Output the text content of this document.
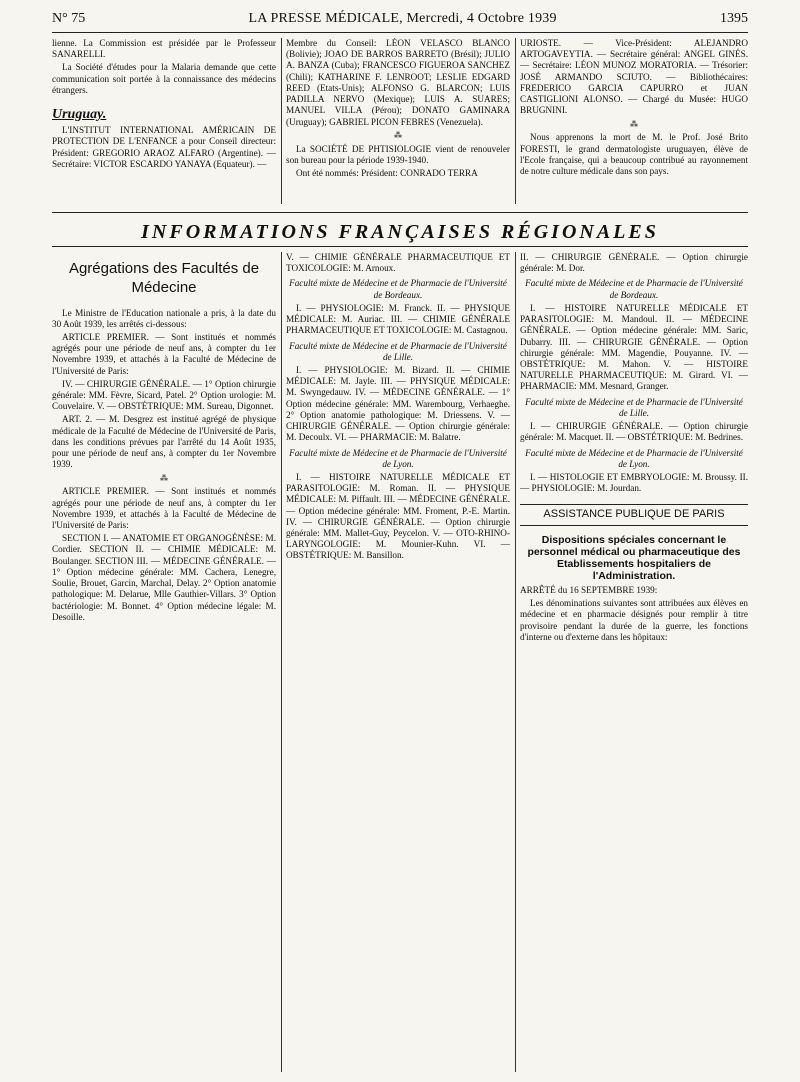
N° 75	LA PRESSE MÉDICALE, Mercredi, 4 Octobre 1939	1395

lienne. La Commission est présidée par le Professeur SANARELLI.

La Société d'études pour la Malaria demande que cette communication soit portée à la connaissance des médecins étrangers.

Uruguay.

L'INSTITUT INTERNATIONAL AMÉRICAIN DE PROTECTION DE L'ENFANCE a pour Conseil directeur: Président: GREGORIO ARAOZ ALFARO (Argentine). — Secrétaire: VICTOR ESCARDO YANAYA (Equateur). —

Membre du Conseil: LÉON VELASCO BLANCO (Bolivie); JOAO DE BARROS BARRETO (Brésil); JULIO A. BANZA (Cuba); FRANCESCO FIGUEROA SANCHEZ (Chili); KATHARINE F. LENROOT; LESLIE EDGARD REED (Etats-Unis); ALFONSO G. BLARCON; LUIS PADILLA NERVO (Mexique); LUIS A. SUARES; MANUEL VILLA (Pérou); DONATO GAMINARA (Uruguay); GABRIEL PICON FEBRES (Venezuela).

⁂

La SOCIÉTÉ DE PHTISIOLOGIE vient de renouveler son bureau pour la période 1939-1940.

Ont été nommés: Président: CONRADO TERRA

URIOSTE. — Vice-Président: ALEJANDRO ARTOGAVEYTIA. — Secrétaire général: ANGEL GINÉS. — Secrétaire: LÉON MUNOZ MORATORIA. — Trésorier: JOSÉ ARMANDO SCIUTO. — Bibliothécaires: FREDERICO GARCIA CAPURRO et JUAN CASTIGLIONI ALONSO. — Chargé du Musée: HUGO BRUGNINI.

⁂

Nous apprenons la mort de M. le Prof. José Brito FORESTI, le grand dermatologiste uruguayen, élève de l'Ecole française, qui a beaucoup contribué au rayonnement de notre culture médicale dans son pays.

INFORMATIONS FRANÇAISES RÉGIONALES
Agrégations des Facultés de Médecine

Le Ministre de l'Education nationale a pris, à la date du 30 Août 1939, les arrêtés ci-dessous:

ARTICLE PREMIER. — Sont institués et nommés agrégés pour une période de neuf ans, à compter du 1er Novembre 1939, et attachés à la Faculté de Médecine de l'Université de Paris:

IV. — CHIRURGIE GÉNÉRALE. — 1° Option chirurgie générale: MM. Fèvre, Sicard, Patel. 2° Option urologie: M. Couvelaire. V. — OBSTÉTRIQUE: MM. Sureau, Digonnet.

ART. 2. — M. Desgrez est institué agrégé de physique médicale de la Faculté de Médecine de l'Université de Paris, dans les conditions prévues par l'arrêté du 14 Août 1935, pour une période de neuf ans, à compter du 1er Novembre 1939.

⁂

ARTICLE PREMIER. — Sont institués et nommés agrégés pour une période de neuf ans, à compter du 1er Novembre 1939, et attachés à la Faculté de Médecine de l'Université de Paris:

SECTION I. — ANATOMIE ET ORGANOGÉNÈSE: M. Cordier. SECTION II. — CHIMIE MÉDICALE: M. Boulanger. SECTION III. — MÉDECINE GÉNÉRALE. — 1° Option médecine générale: MM. Cachera, Lenegre, Soulie, Brouet, Garcin, Marchal, Delay. 2° Option anatomie pathologique: M. Delarue, Mlle Gauthier-Villars. 3° Option bactériologie: M. Bonnet. 4° Option médecine légale: M. Desoille.

V. — CHIMIE GÉNÉRALE PHARMACEUTIQUE ET TOXICOLOGIE: M. Arnoux.

Faculté mixte de Médecine et de Pharmacie de l'Université de Bordeaux.

I. — PHYSIOLOGIE: M. Franck. II. — PHYSIQUE MÉDICALE: M. Auriac. III. — CHIMIE GÉNÉRALE PHARMACEUTIQUE ET TOXICOLOGIE: M. Castagnou.

Faculté mixte de Médecine et de Pharmacie de l'Université de Lille.

I. — PHYSIOLOGIE: M. Bizard. II. — CHIMIE MÉDICALE: M. Jayle. III. — PHYSIQUE MÉDICALE: M. Swyngedauw. IV. — MÉDECINE GÉNÉRALE. — 1° Option médecine générale: MM. Warembourg, Verhaeghe. 2° Option anatomie pathologique: M. Driessens. V. — CHIRURGIE GÉNÉRALE. — Option chirurgie générale: M. Decoulx. VI. — PHARMACIE: M. Balatre.

Faculté mixte de Médecine et de Pharmacie de l'Université de Lyon.

I. — HISTOIRE NATURELLE MÉDICALE ET PARASITOLOGIE: M. Roman. II. — PHYSIQUE MÉDICALE: M. Piffault. III. — MÉDECINE GÉNÉRALE. — Option médecine générale: MM. Froment, P.-E. Martin. IV. — CHIRURGIE GÉNÉRALE. — Option chirurgie générale: MM. Mallet-Guy, Peycelon. V. — OTO-RHINO-LARYNGOLOGIE: M. Mounier-Kuhn. VI. — OBSTÉTRIQUE: M. Bansillon.

II. — CHIRURGIE GÉNÉRALE. — Option chirurgie générale: M. Dor.

Faculté mixte de Médecine et de Pharmacie de l'Université de Bordeaux.

I. — HISTOIRE NATURELLE MÉDICALE ET PARASITOLOGIE: M. Mandoul. II. — MÉDECINE GÉNÉRALE. — Option médecine générale: MM. Saric, Dubarry. III. — CHIRURGIE GÉNÉRALE. — Option chirurgie générale: MM. Magendie, Pouyanne. IV. — OBSTÉTRIQUE: M. Mahon. V. — HISTOIRE NATURELLE PHARMACEUTIQUE: M. Girard. VI. — PHARMACIE: MM. Mesnard, Granger.

Faculté mixte de Médecine et de Pharmacie de l'Université de Lille.

I. — CHIRURGIE GÉNÉRALE. — Option chirurgie générale: M. Macquet. II. — OBSTÉTRIQUE: M. Bedrines.

Faculté mixte de Médecine et de Pharmacie de l'Université de Lyon.

I. — HISTOLOGIE ET EMBRYOLOGIE: M. Broussy. II. — PHYSIOLOGIE: M. Jourdan.

ASSISTANCE PUBLIQUE DE PARIS
Dispositions spéciales concernant le personnel médical ou pharmaceutique des Etablissements hospitaliers de l'Administration.

ARRÊTÉ du 16 SEPTEMBRE 1939:

Les dénominations suivantes sont attribuées aux élèves en médecine et en pharmacie désignés pour remplir à titre provisoire pendant la durée de la guerre, les fonctions d'interne ou d'externe dans les hôpitaux:
